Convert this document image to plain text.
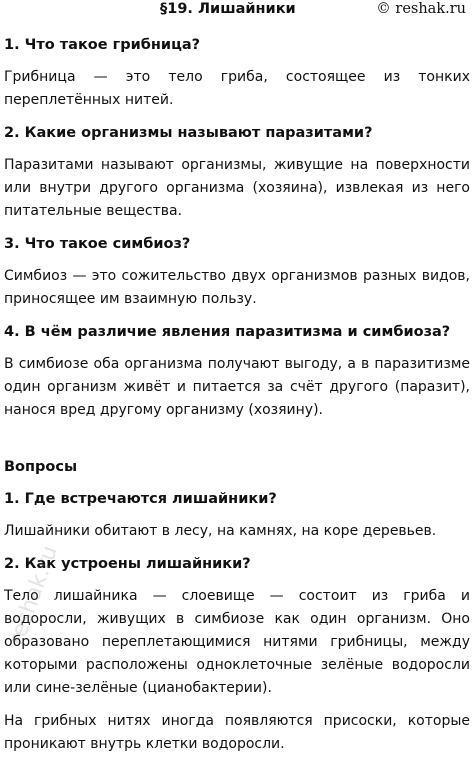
§19. Лишайники	© reshak.ru
1. Что такое грибница?
Грибница — это тело гриба, состоящее из тонких переплетённых нитей.
2. Какие организмы называют паразитами?
Паразитами называют организмы, живущие на поверхности или внутри другого организма (хозяина), извлекая из него питательные вещества.
3. Что такое симбиоз?
Симбиоз — это сожительство двух организмов разных видов, приносящее им взаимную пользу.
4. В чём различие явления паразитизма и симбиоза?
В симбиозе оба организма получают выгоду, а в паразитизме один организм живёт и питается за счёт другого (паразит), нанося вред другому организму (хозяину).
Вопросы
1. Где встречаются лишайники?
Лишайники обитают в лесу, на камнях, на коре деревьев.
2. Как устроены лишайники?
Тело лишайника — слоевище — состоит из гриба и водоросли, живущих в симбиозе как один организм. Оно образовано переплетающимися нитями грибницы, между которыми расположены одноклеточные зелёные водоросли или сине-зелёные (цианобактерии).
На грибных нитях иногда появляются присоски, которые проникают внутрь клетки водоросли.
reshak.ru
